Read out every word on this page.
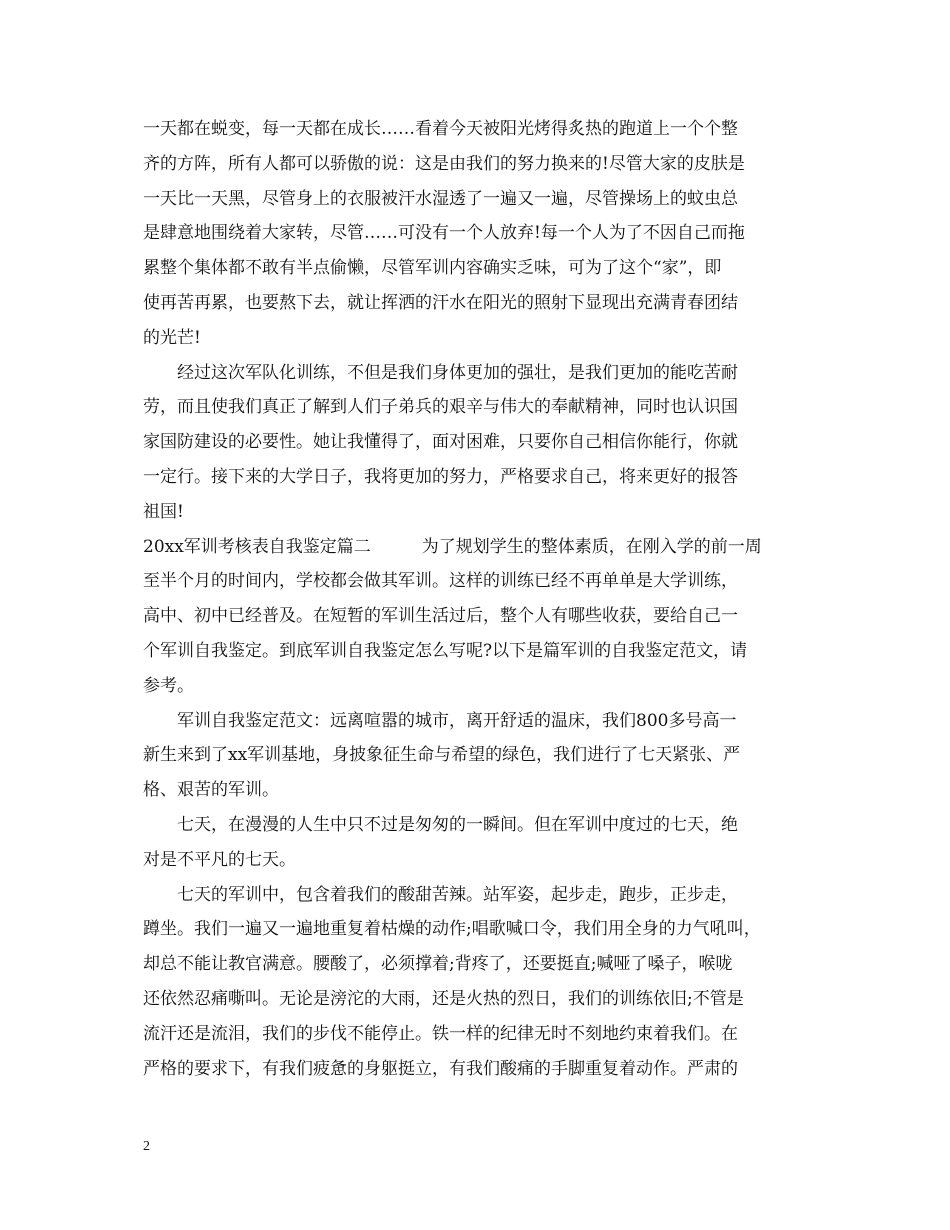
一天都在蜕变，每一天都在成长……看着今天被阳光烤得炙热的跑道上一个个整
齐的方阵，所有人都可以骄傲的说：这是由我们的努力换来的!尽管大家的皮肤是
一天比一天黑，尽管身上的衣服被汗水湿透了一遍又一遍，尽管操场上的蚊虫总
是肆意地围绕着大家转，尽管……可没有一个人放弃!每一个人为了不因自己而拖
累整个集体都不敢有半点偷懒，尽管军训内容确实乏味，可为了这个“家”，即
使再苦再累，也要熬下去，就让挥洒的汗水在阳光的照射下显现出充满青春团结
的光芒!
　　经过这次军队化训练，不但是我们身体更加的强壮，是我们更加的能吃苦耐
劳，而且使我们真正了解到人们子弟兵的艰辛与伟大的奉献精神，同时也认识国
家国防建设的必要性。她让我懂得了，面对困难，只要你自己相信你能行，你就
一定行。接下来的大学日子，我将更加的努力，严格要求自己，将来更好的报答
祖国!
20xx军训考核表自我鉴定篇二　　　为了规划学生的整体素质，在刚入学的前一周
至半个月的时间内，学校都会做其军训。这样的训练已经不再单单是大学训练，
高中、初中已经普及。在短暂的军训生活过后，整个人有哪些收获，要给自己一
个军训自我鉴定。到底军训自我鉴定怎么写呢?以下是篇军训的自我鉴定范文，请
参考。
　　军训自我鉴定范文：远离喧嚣的城市，离开舒适的温床，我们800多号高一
新生来到了xx军训基地，身披象征生命与希望的绿色，我们进行了七天紧张、严
格、艰苦的军训。
　　七天，在漫漫的人生中只不过是匆匆的一瞬间。但在军训中度过的七天，绝
对是不平凡的七天。
　　七天的军训中，包含着我们的酸甜苦辣。站军姿，起步走，跑步，正步走，
蹲坐。我们一遍又一遍地重复着枯燥的动作;唱歌喊口令，我们用全身的力气吼叫，
却总不能让教官满意。腰酸了，必须撑着;背疼了，还要挺直;喊哑了嗓子，喉咙
还依然忍痛嘶叫。无论是滂沱的大雨，还是火热的烈日，我们的训练依旧;不管是
流汗还是流泪，我们的步伐不能停止。铁一样的纪律无时不刻地约束着我们。在
严格的要求下，有我们疲惫的身躯挺立，有我们酸痛的手脚重复着动作。严肃的
2
